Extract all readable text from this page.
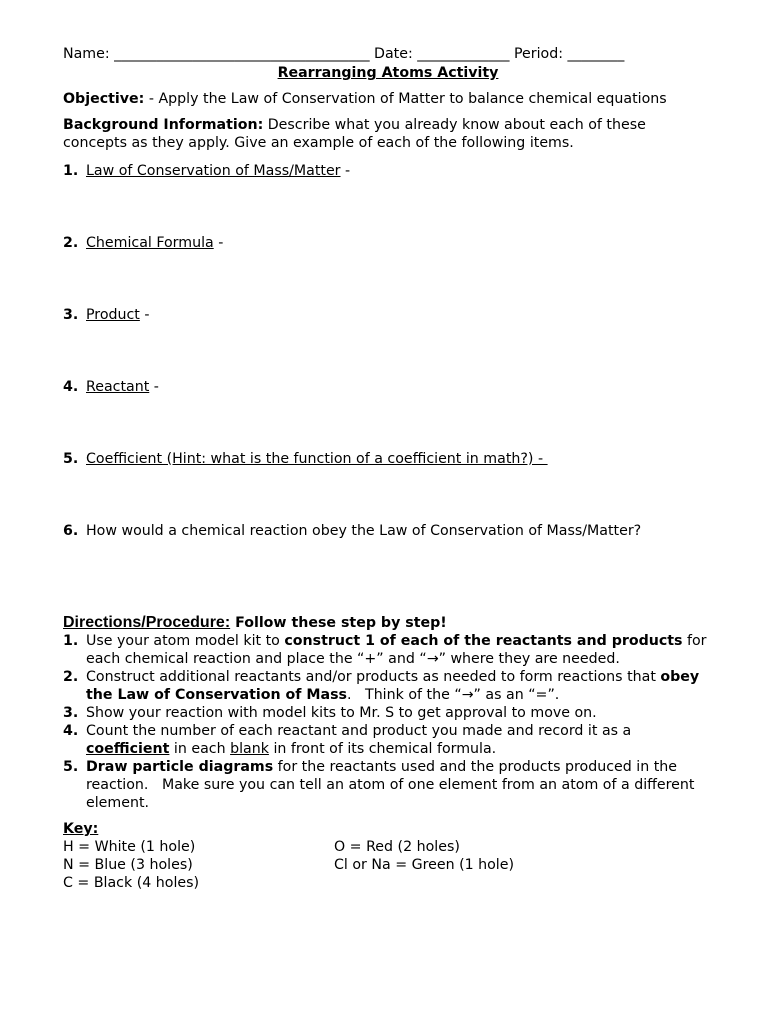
Name: ____________________________________ Date: _____________ Period: ________
Rearranging Atoms Activity
Objective: - Apply the Law of Conservation of Matter to balance chemical equations
Background Information: Describe what you already know about each of these
concepts as they apply. Give an example of each of the following items.
1. Law of Conservation of Mass/Matter -
2. Chemical Formula -
3. Product -
4. Reactant -
5. Coefficient (Hint: what is the function of a coefficient in math?) -
6. How would a chemical reaction obey the Law of Conservation of Mass/Matter?
Directions/Procedure: Follow these step by step!
1. Use your atom model kit to construct 1 of each of the reactants and products for each chemical reaction and place the “+” and “→” where they are needed.
2. Construct additional reactants and/or products as needed to form reactions that obey the Law of Conservation of Mass.   Think of the “→” as an “=”.
3. Show your reaction with model kits to Mr. S to get approval to move on.
4. Count the number of each reactant and product you made and record it as a coefficient in each blank in front of its chemical formula.
5. Draw particle diagrams for the reactants used and the products produced in the reaction.   Make sure you can tell an atom of one element from an atom of a different element.
Key:
H = White (1 hole)	O = Red (2 holes)
N = Blue (3 holes)	Cl or Na = Green (1 hole)
C = Black (4 holes)
